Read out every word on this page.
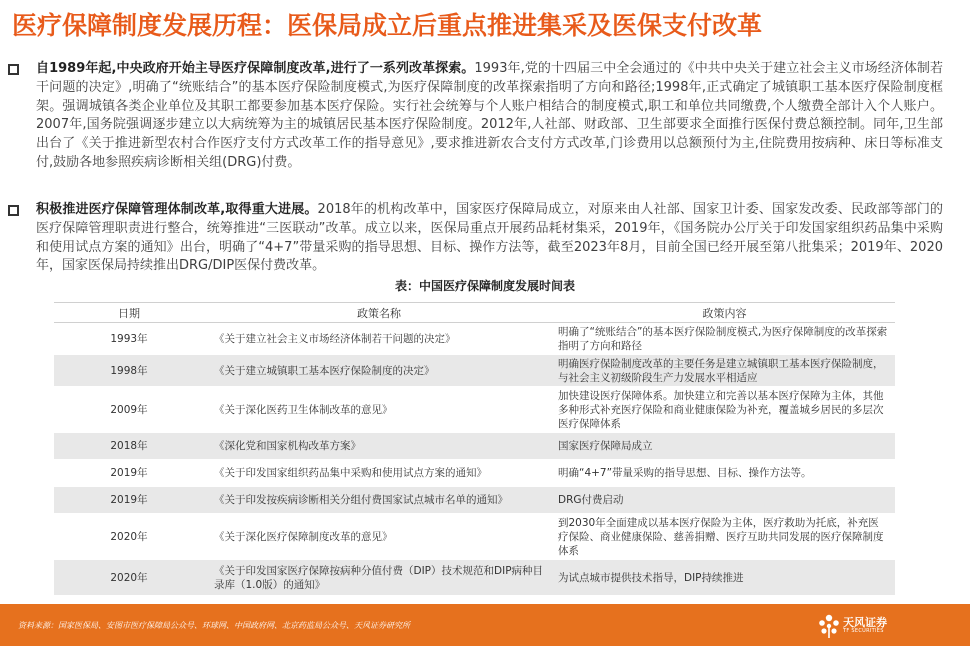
医疗保障制度发展历程：医保局成立后重点推进集采及医保支付改革
自1989年起,中央政府开始主导医疗保障制度改革,进行了一系列改革探索。1993年,党的十四届三中全会通过的《中共中央关于建立社会主义市场经济体制若干问题的决定》,明确了“统账结合”的基本医疗保险制度模式,为医疗保障制度的改革探索指明了方向和路径;1998年,正式确定了城镇职工基本医疗保险制度框架。强调城镇各类企业单位及其职工都要参加基本医疗保险。实行社会统筹与个人账户相结合的制度模式,职工和单位共同缴费,个人缴费全部计入个人账户。2007年,国务院强调逐步建立以大病统筹为主的城镇居民基本医疗保险制度。2012年,人社部、财政部、卫生部要求全面推行医保付费总额控制。同年,卫生部出台了《关于推进新型农村合作医疗支付方式改革工作的指导意见》,要求推进新农合支付方式改革,门诊费用以总额预付为主,住院费用按病种、床日等标准支付,鼓励各地参照疾病诊断相关组(DRG)付费。
积极推进医疗保障管理体制改革,取得重大进展。2018年的机构改革中，国家医疗保障局成立，对原来由人社部、国家卫计委、国家发改委、民政部等部门的医疗保障管理职责进行整合，统筹推进“三医联动”改革。成立以来，医保局重点开展药品耗材集采，2019年，《国务院办公厅关于印发国家组织药品集中采购和使用试点方案的通知》出台，明确了“4+7”带量采购的指导思想、目标、操作方法等，截至2023年8月，目前全国已经开展至第八批集采；2019年、2020年，国家医保局持续推出DRG/DIP医保付费改革。
表：中国医疗保障制度发展时间表
日期	政策名称	政策内容
1993年	《关于建立社会主义市场经济体制若干问题的决定》	明确了“统账结合”的基本医疗保险制度模式,为医疗保障制度的改革探索指明了方向和路径
1998年	《关于建立城镇职工基本医疗保险制度的决定》	明确医疗保险制度改革的主要任务是建立城镇职工基本医疗保险制度，与社会主义初级阶段生产力发展水平相适应
2009年	《关于深化医药卫生体制改革的意见》	加快建设医疗保障体系。加快建立和完善以基本医疗保障为主体，其他多种形式补充医疗保险和商业健康保险为补充，覆盖城乡居民的多层次医疗保障体系
2018年	《深化党和国家机构改革方案》	国家医疗保障局成立
2019年	《关于印发国家组织药品集中采购和使用试点方案的通知》	明确“4+7”带量采购的指导思想、目标、操作方法等。
2019年	《关于印发按疾病诊断相关分组付费国家试点城市名单的通知》	DRG付费启动
2020年	《关于深化医疗保障制度改革的意见》	到2030年全面建成以基本医疗保险为主体，医疗救助为托底，补充医疗保险、商业健康保险、慈善捐赠、医疗互助共同发展的医疗保障制度体系
2020年	《关于印发国家医疗保障按病种分值付费（DIP）技术规范和DIP病种目录库（1.0版）的通知》	为试点城市提供技术指导，DIP持续推进
资料来源：国家医保局、安图市医疗保障局公众号、环球网、中国政府网、北京药监局公众号、天风证券研究所	天风证券
TF SECURITIES
